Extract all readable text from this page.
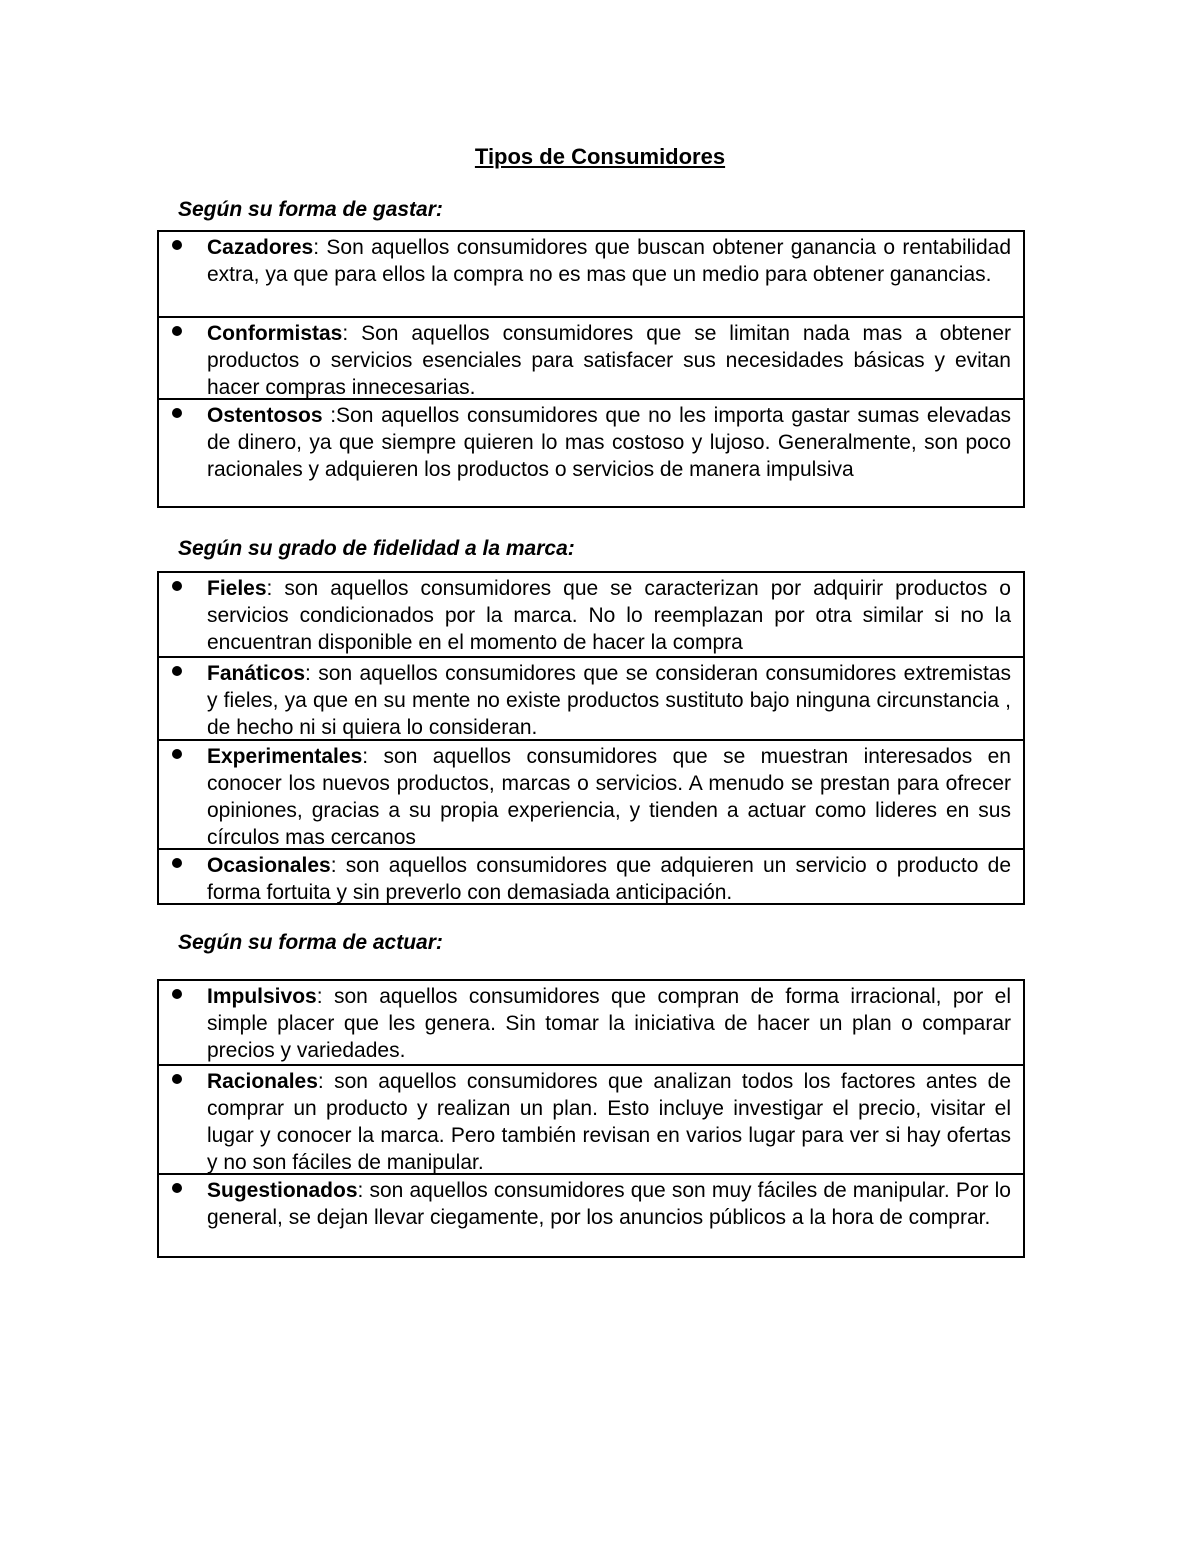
Tipos de Consumidores
Según su forma de gastar:
Cazadores: Son aquellos consumidores que buscan obtener ganancia o rentabilidad extra, ya que para ellos la compra no es mas que un medio para obtener ganancias.
Conformistas: Son aquellos consumidores que se limitan nada mas a obtener productos o servicios esenciales para satisfacer sus necesidades básicas y evitan hacer compras innecesarias.
Ostentosos :Son aquellos consumidores que no les importa gastar sumas elevadas de dinero, ya que siempre quieren lo mas costoso y lujoso. Generalmente, son poco racionales y adquieren los productos o servicios de manera impulsiva
Según su grado de fidelidad a la marca:
Fieles: son aquellos consumidores que se caracterizan por adquirir productos o servicios condicionados por la marca. No lo reemplazan por otra similar si no la encuentran disponible en el momento de hacer la compra
Fanáticos: son aquellos consumidores que se consideran consumidores extremistas y fieles, ya que en su mente no existe productos sustituto bajo ninguna circunstancia , de hecho ni si quiera lo consideran.
Experimentales: son aquellos consumidores que se muestran interesados en conocer los nuevos productos, marcas o servicios. A menudo se prestan para ofrecer opiniones, gracias a su propia experiencia, y tienden a actuar como lideres en sus círculos mas cercanos
Ocasionales: son aquellos consumidores que adquieren un servicio o producto de forma fortuita y sin preverlo con demasiada anticipación.
Según su forma de actuar:
Impulsivos: son aquellos consumidores que compran de forma irracional, por el simple placer que les genera. Sin tomar la iniciativa de hacer un plan o comparar precios y variedades.
Racionales: son aquellos consumidores que analizan todos los factores antes de comprar un producto y realizan un plan. Esto incluye investigar el precio, visitar el lugar y conocer la marca. Pero también revisan en varios lugar para ver si hay ofertas y no son fáciles de manipular.
Sugestionados: son aquellos consumidores que son muy fáciles de manipular. Por lo general, se dejan llevar ciegamente, por los anuncios públicos a la hora de comprar.
